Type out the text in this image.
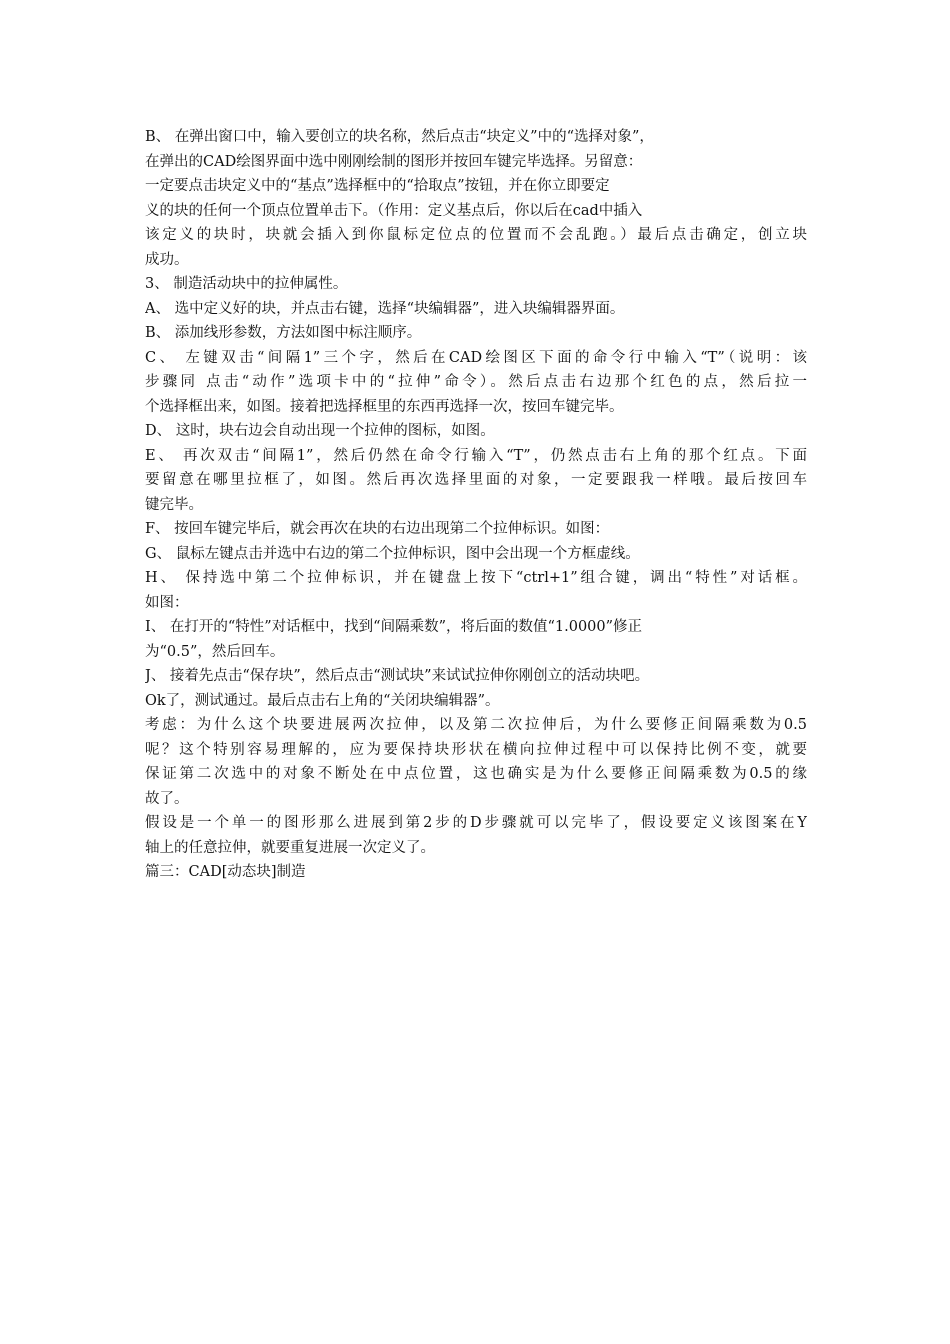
B、 在弹出窗口中，输入要创立的块名称，然后点击“块定义”中的“选择对象”，

在弹出的CAD绘图界面中选中刚刚绘制的图形并按回车键完毕选择。另留意：

一定要点击块定义中的“基点”选择框中的“拾取点”按钮，并在你立即要定

义的块的任何一个顶点位置单击下。（作用：定义基点后，你以后在cad中插入

该定义的块时，块就会插入到你鼠标定位点的位置而不会乱跑。）最后点击确定，创立块

成功。

3、 制造活动块中的拉伸属性。

A、 选中定义好的块，并点击右键，选择“块编辑器”，进入块编辑器界面。

B、 添加线形参数，方法如图中标注顺序。

C、 左键双击“间隔1”三个字，然后在CAD绘图区下面的命令行中输入“T”（说明：该

步骤同 点击“动作”选项卡中的“拉伸”命令）。然后点击右边那个红色的点，然后拉一

个选择框出来，如图。接着把选择框里的东西再选择一次，按回车键完毕。

D、 这时，块右边会自动出现一个拉伸的图标，如图。

E、 再次双击“间隔1”，然后仍然在命令行输入“T”，仍然点击右上角的那个红点。下面

要留意在哪里拉框了，如图。然后再次选择里面的对象，一定要跟我一样哦。最后按回车

键完毕。

F、 按回车键完毕后，就会再次在块的右边出现第二个拉伸标识。如图：

G、 鼠标左键点击并选中右边的第二个拉伸标识，图中会出现一个方框虚线。

H、 保持选中第二个拉伸标识，并在键盘上按下“ctrl+1”组合键，调出“特性”对话框。

如图：

I、 在打开的“特性”对话框中，找到“间隔乘数”，将后面的数值“1.0000”修正

为“0.5”，然后回车。

J、 接着先点击“保存块”，然后点击“测试块”来试试拉伸你刚创立的活动块吧。

Ok了，测试通过。最后点击右上角的“关闭块编辑器”。

考虑：为什么这个块要进展两次拉伸，以及第二次拉伸后，为什么要修正间隔乘数为0.5

呢？这个特别容易理解的，应为要保持块形状在横向拉伸过程中可以保持比例不变，就要

保证第二次选中的对象不断处在中点位置，这也确实是为什么要修正间隔乘数为0.5的缘

故了。

假设是一个单一的图形那么进展到第2步的D步骤就可以完毕了，假设要定义该图案在Y

轴上的任意拉伸，就要重复进展一次定义了。

篇三：CAD[动态块]制造
